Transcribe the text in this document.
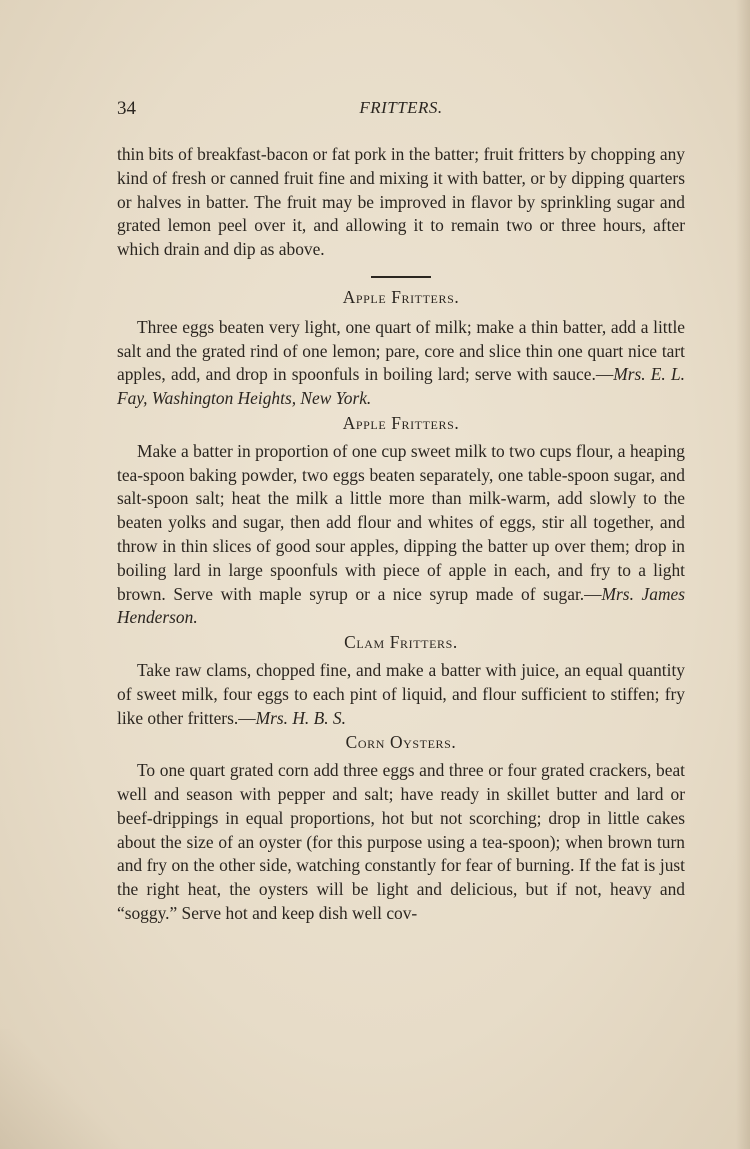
34	FRITTERS.

thin bits of breakfast-bacon or fat pork in the batter; fruit fritters by chopping any kind of fresh or canned fruit fine and mixing it with batter, or by dipping quarters or halves in batter. The fruit may be improved in flavor by sprinkling sugar and grated lemon peel over it, and allowing it to remain two or three hours, after which drain and dip as above.

Apple Fritters.

Three eggs beaten very light, one quart of milk; make a thin batter, add a little salt and the grated rind of one lemon; pare, core and slice thin one quart nice tart apples, add, and drop in spoonfuls in boiling lard; serve with sauce.—Mrs. E. L. Fay, Washington Heights, New York.

Apple Fritters.

Make a batter in proportion of one cup sweet milk to two cups flour, a heaping tea-spoon baking powder, two eggs beaten separately, one table-spoon sugar, and salt-spoon salt; heat the milk a little more than milk-warm, add slowly to the beaten yolks and sugar, then add flour and whites of eggs, stir all together, and throw in thin slices of good sour apples, dipping the batter up over them; drop in boiling lard in large spoonfuls with piece of apple in each, and fry to a light brown. Serve with maple syrup or a nice syrup made of sugar.—Mrs. James Henderson.

Clam Fritters.

Take raw clams, chopped fine, and make a batter with juice, an equal quantity of sweet milk, four eggs to each pint of liquid, and flour sufficient to stiffen; fry like other fritters.—Mrs. H. B. S.

Corn Oysters.

To one quart grated corn add three eggs and three or four grated crackers, beat well and season with pepper and salt; have ready in skillet butter and lard or beef-drippings in equal proportions, hot but not scorching; drop in little cakes about the size of an oyster (for this purpose using a tea-spoon); when brown turn and fry on the other side, watching constantly for fear of burning. If the fat is just the right heat, the oysters will be light and delicious, but if not, heavy and “soggy.” Serve hot and keep dish well cov-
